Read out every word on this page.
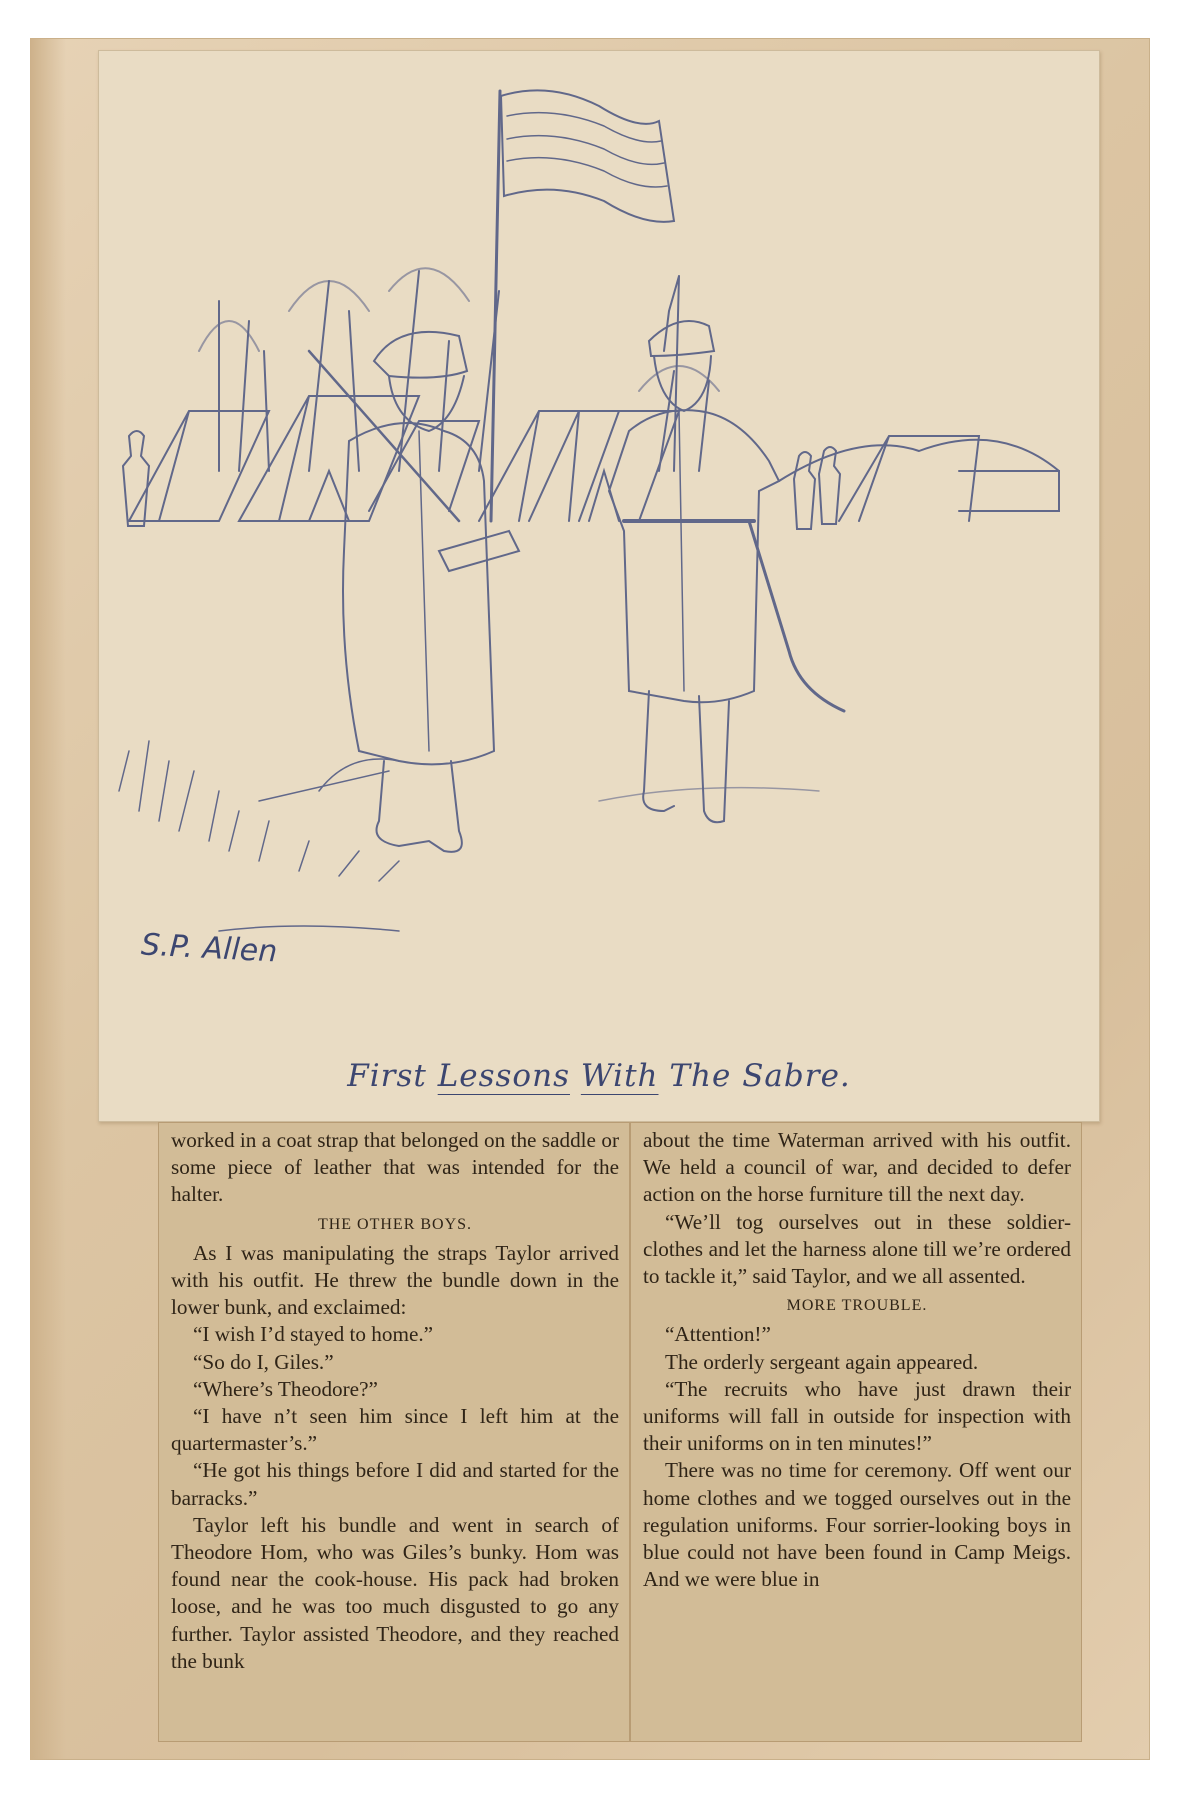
S.P. Allen
First Lessons With The Sabre.

worked in a coat strap that belonged on the saddle or some piece of leather that was intended for the halter.

THE OTHER BOYS.

As I was manipulating the straps Taylor arrived with his outfit. He threw the bundle down in the lower bunk, and exclaimed:

“I wish I’d stayed to home.”

“So do I, Giles.”

“Where’s Theodore?”

“I have n’t seen him since I left him at the quartermaster’s.”

“He got his things before I did and started for the barracks.”

Taylor left his bundle and went in search of Theodore Hom, who was Giles’s bunky. Hom was found near the cook-house. His pack had broken loose, and he was too much disgusted to go any further. Taylor assisted Theodore, and they reached the bunk

about the time Waterman arrived with his outfit. We held a council of war, and decided to defer action on the horse furniture till the next day.

“We’ll tog ourselves out in these soldier-clothes and let the harness alone till we’re ordered to tackle it,” said Taylor, and we all assented.

MORE TROUBLE.

“Attention!”

The orderly sergeant again appeared.

“The recruits who have just drawn their uniforms will fall in outside for inspection with their uniforms on in ten minutes!”

There was no time for ceremony. Off went our home clothes and we togged ourselves out in the regulation uniforms. Four sorrier-looking boys in blue could not have been found in Camp Meigs. And we were blue in
